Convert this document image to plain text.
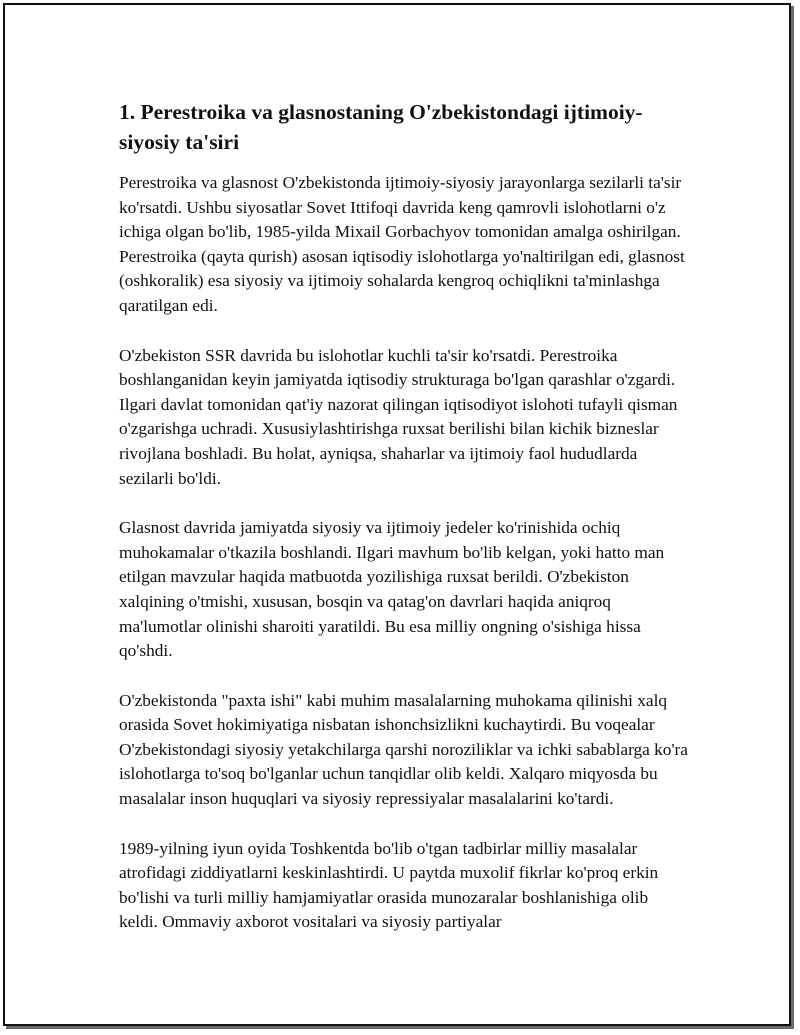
1. Perestroika va glasnostaning O'zbekistondagi ijtimoiy-siyosiy ta'siri

Perestroika va glasnost O'zbekistonda ijtimoiy-siyosiy jarayonlarga sezilarli ta'sir ko'rsatdi. Ushbu siyosatlar Sovet Ittifoqi davrida keng qamrovli islohotlarni o'z ichiga olgan bo'lib, 1985-yilda Mixail Gorbachyov tomonidan amalga oshirilgan. Perestroika (qayta qurish) asosan iqtisodiy islohotlarga yo'naltirilgan edi, glasnost (oshkoralik) esa siyosiy va ijtimoiy sohalarda kengroq ochiqlikni ta'minlashga qaratilgan edi.

O'zbekiston SSR davrida bu islohotlar kuchli ta'sir ko'rsatdi. Perestroika boshlanganidan keyin jamiyatda iqtisodiy strukturaga bo'lgan qarashlar o'zgardi. Ilgari davlat tomonidan qat'iy nazorat qilingan iqtisodiyot islohoti tufayli qisman o'zgarishga uchradi. Xususiylashtirishga ruxsat berilishi bilan kichik bizneslar rivojlana boshladi. Bu holat, ayniqsa, shaharlar va ijtimoiy faol hududlarda sezilarli bo'ldi.

Glasnost davrida jamiyatda siyosiy va ijtimoiy jedeler ko'rinishida ochiq muhokamalar o'tkazila boshlandi. Ilgari mavhum bo'lib kelgan, yoki hatto man etilgan mavzular haqida matbuotda yozilishiga ruxsat berildi. O'zbekiston xalqining o'tmishi, xususan, bosqin va qatag'on davrlari haqida aniqroq ma'lumotlar olinishi sharoiti yaratildi. Bu esa milliy ongning o'sishiga hissa qo'shdi.

O'zbekistonda "paxta ishi" kabi muhim masalalarning muhokama qilinishi xalq orasida Sovet hokimiyatiga nisbatan ishonchsizlikni kuchaytirdi. Bu voqealar O'zbekistondagi siyosiy yetakchilarga qarshi noroziliklar va ichki sabablarga ko'ra islohotlarga to'soq bo'lganlar uchun tanqidlar olib keldi. Xalqaro miqyosda bu masalalar inson huquqlari va siyosiy repressiyalar masalalarini ko'tardi.

1989-yilning iyun oyida Toshkentda bo'lib o'tgan tadbirlar milliy masalalar atrofidagi ziddiyatlarni keskinlashtirdi. U paytda muxolif fikrlar ko'proq erkin bo'lishi va turli milliy hamjamiyatlar orasida munozaralar boshlanishiga olib keldi. Ommaviy axborot vositalari va siyosiy partiyalar
